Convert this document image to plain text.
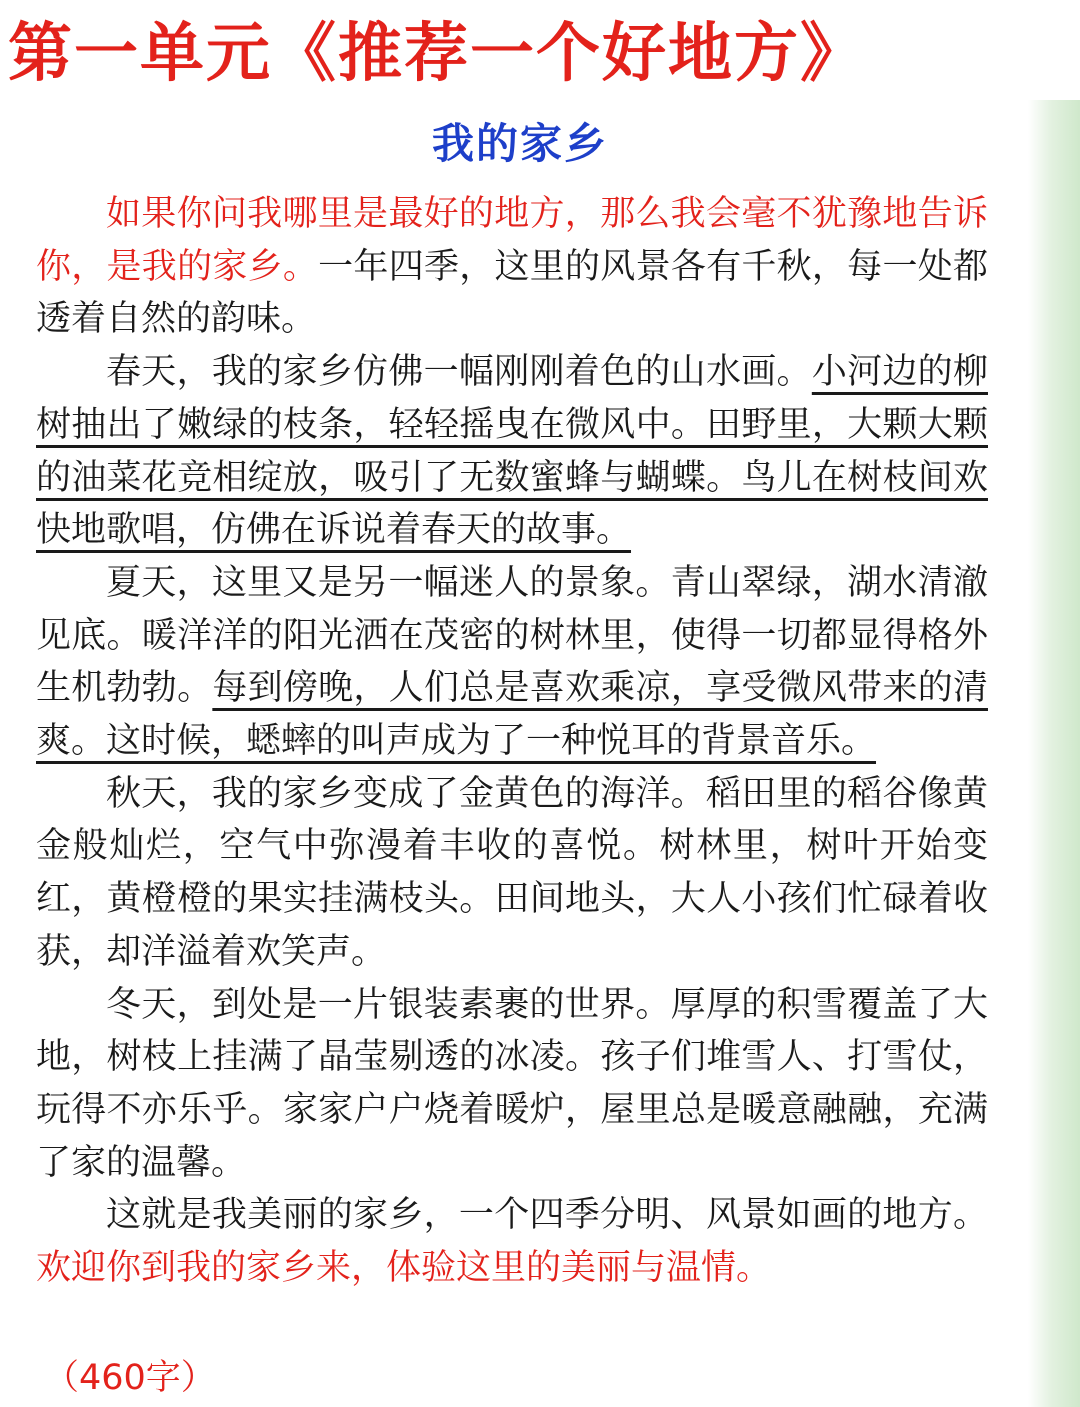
第一单元《推荐一个好地方》
我的家乡

如果你问我哪里是最好的地方，那么我会毫不犹豫地告诉你，是我的家乡。一年四季，这里的风景各有千秋，每一处都透着自然的韵味。

春天，我的家乡仿佛一幅刚刚着色的山水画。小河边的柳树抽出了嫩绿的枝条，轻轻摇曳在微风中。田野里，大颗大颗的油菜花竞相绽放，吸引了无数蜜蜂与蝴蝶。鸟儿在树枝间欢快地歌唱，仿佛在诉说着春天的故事。

夏天，这里又是另一幅迷人的景象。青山翠绿，湖水清澈见底。暖洋洋的阳光洒在茂密的树林里，使得一切都显得格外生机勃勃。每到傍晚，人们总是喜欢乘凉，享受微风带来的清爽。这时候，蟋蟀的叫声成为了一种悦耳的背景音乐。

秋天，我的家乡变成了金黄色的海洋。稻田里的稻谷像黄金般灿烂，空气中弥漫着丰收的喜悦。树林里，树叶开始变红，黄橙橙的果实挂满枝头。田间地头，大人小孩们忙碌着收获，却洋溢着欢笑声。

冬天，到处是一片银装素裹的世界。厚厚的积雪覆盖了大地，树枝上挂满了晶莹剔透的冰凌。孩子们堆雪人、打雪仗，玩得不亦乐乎。家家户户烧着暖炉，屋里总是暖意融融，充满了家的温馨。

这就是我美丽的家乡，一个四季分明、风景如画的地方。欢迎你到我的家乡来，体验这里的美丽与温情。

（460字）
